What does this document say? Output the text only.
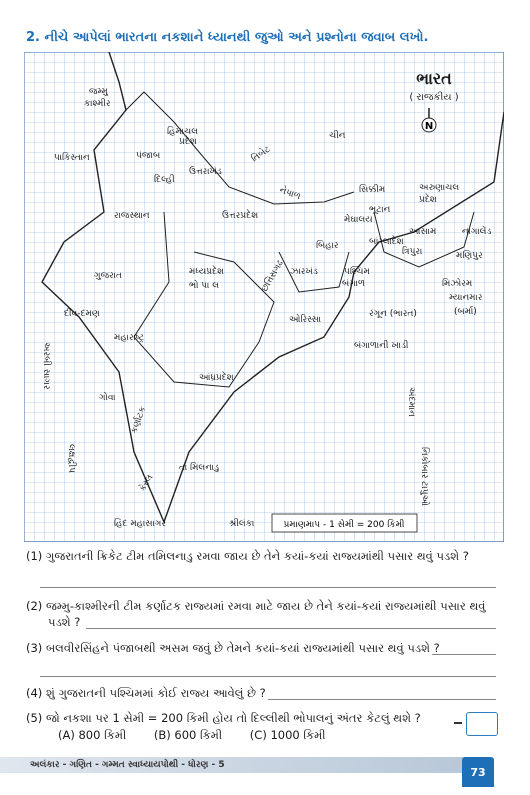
2. નીચે આપેલાં ભારતના નકશાને ધ્યાનથી જુઓ અને પ્રશ્નોના જવાબ લખો.
ભારત
( રાજકીય )
N
જમ્મુ
કાશ્મીર
ચીન
પાકિસ્તાન
હિમાચલ
પ્રદેશ
પંજાબ
ઉત્તરાખંડ
દિલ્હી
તિબેટ
નેપાળ	સિક્કીમ	અરુણાચલ
પ્રદેશ
ભૂટાન
રાજસ્થાન	ઉત્તરપ્રદેશ
આસામ	નાગાલેંડ
મેઘાલય
બિહાર	બાંગ્લાદેશ
ત્રિપુરા	મણિપુર
ગુજરાત	મધ્યપ્રદેશ
ભો પા લ
ઝારખંડ	પશ્ચિમ
બંગાળ	મિઝોરમ
મ્યાનમાર
(બર્મા)
છત્તિસગઢ
દીવ-દમણ
ઓરિસ્સા
રંગૂન (ભારત)
મહારાષ્ટ્ર
બંગાળાની ખાડી
અરબી સાગર	આંધ્રપ્રદેશ
ગોવા
કર્ણાટક
તા મિલનાડુ
કેરલ
લક્ષદ્વીપ
અંદમાન
નિકોબાર ટાપુઓ
હિંદ મહાસાગર	શ્રીલંકા	પ્રમાણમાપ - 1 સેમી = 200 કિમી
(1) ગુજરાતની ક્રિકેટ ટીમ તમિલનાડુ રમવા જાય છે તેને કયાં-કયાં રાજ્યમાંથી પસાર થવું પડશે ?
(2) જમ્મુ-કાશ્મીરની ટીમ કર્ણાટક રાજ્યમાં રમવા માટે જાય છે તેને કયાં-કયાં રાજ્યમાંથી પસાર થવું
પડશે ?
(3) બલવીરસિંહને પંજાબથી અસમ જવું છે તેમને કયાં-કયાં રાજ્યમાંથી પસાર થવું પડશે ?
(4) શું ગુજરાતની પશ્ચિમમાં કોઈ રાજ્ય આવેલું છે ?
(5) જો નકશા પર 1 સેમી = 200 કિમી હોય તો દિલ્લીથી ભોપાલનું અંતર કેટલું થશે ?
(A) 800 કિમી (B) 600 કિમી (C) 1000 કિમી
અલંકાર - ગણિત - ગમ્મત સ્વાધ્યાયપોથી - ધોરણ - 5
73
